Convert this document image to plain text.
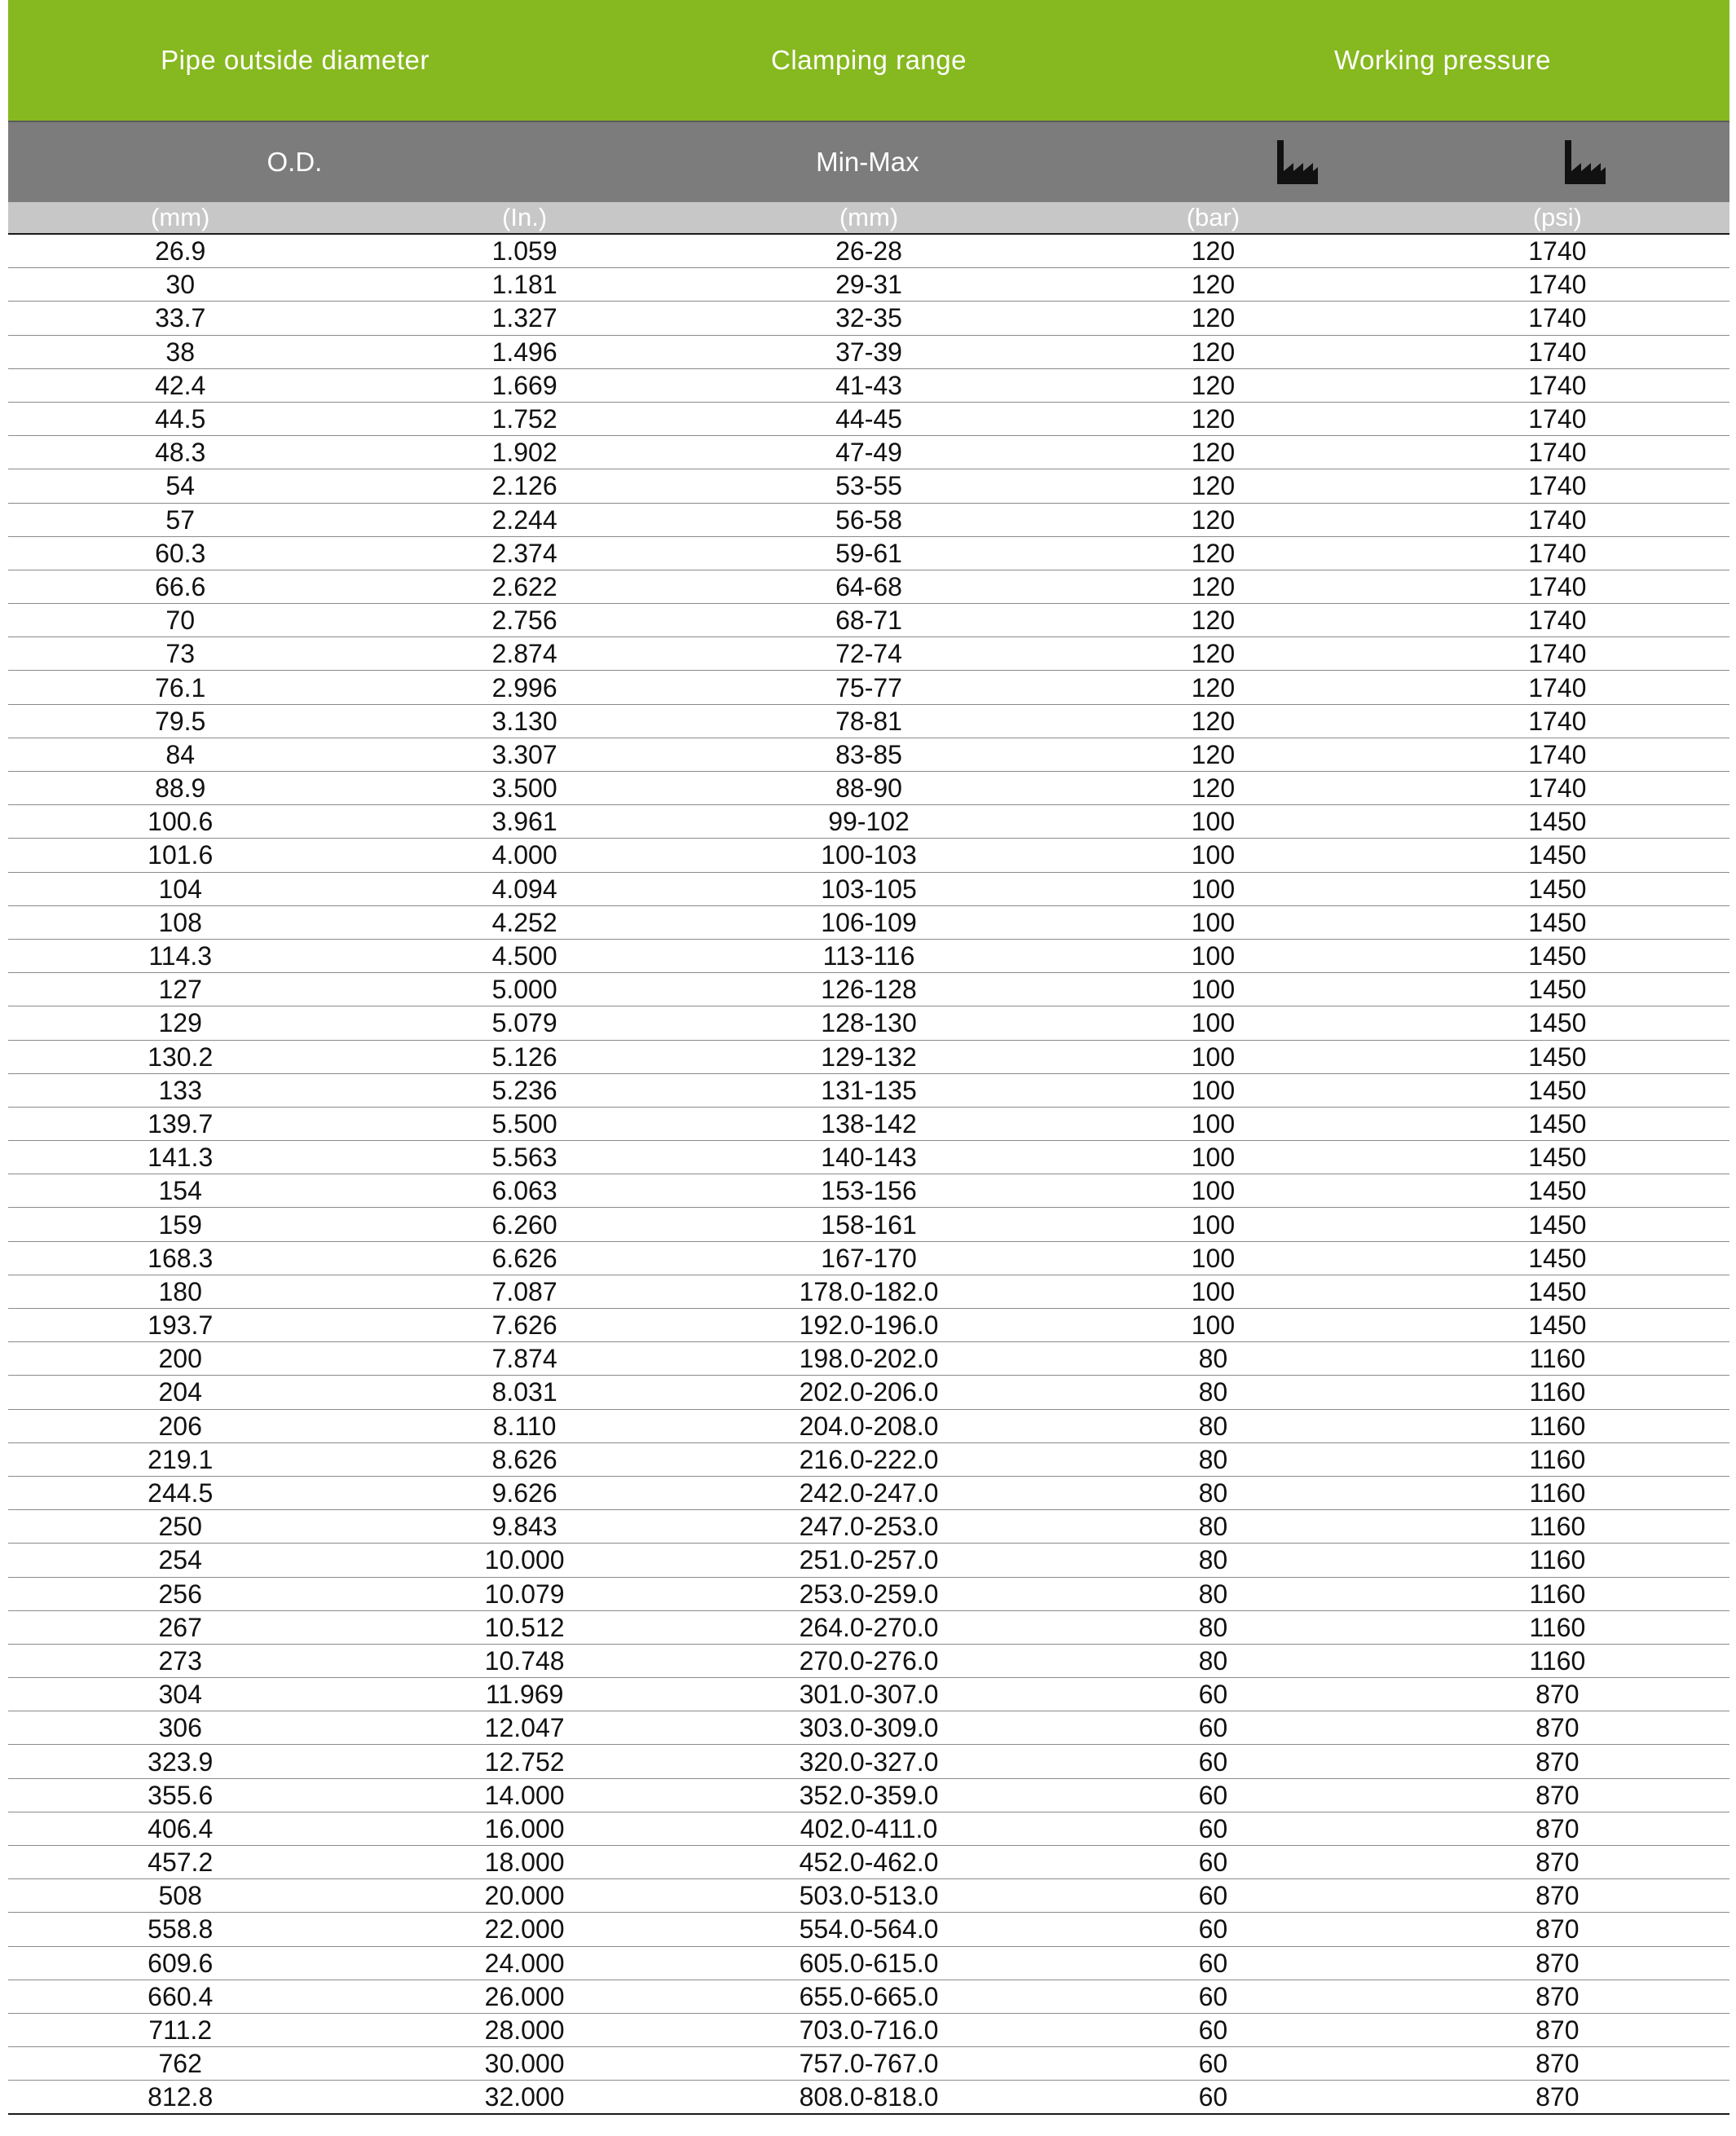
Pipe outside diameter	Clamping range	Working pressure
O.D.	Min-Max
(mm)	(In.)	(mm)	(bar)	(psi)
26.9	1.059	26-28	120	1740
30	1.181	29-31	120	1740
33.7	1.327	32-35	120	1740
38	1.496	37-39	120	1740
42.4	1.669	41-43	120	1740
44.5	1.752	44-45	120	1740
48.3	1.902	47-49	120	1740
54	2.126	53-55	120	1740
57	2.244	56-58	120	1740
60.3	2.374	59-61	120	1740
66.6	2.622	64-68	120	1740
70	2.756	68-71	120	1740
73	2.874	72-74	120	1740
76.1	2.996	75-77	120	1740
79.5	3.130	78-81	120	1740
84	3.307	83-85	120	1740
88.9	3.500	88-90	120	1740
100.6	3.961	99-102	100	1450
101.6	4.000	100-103	100	1450
104	4.094	103-105	100	1450
108	4.252	106-109	100	1450
114.3	4.500	113-116	100	1450
127	5.000	126-128	100	1450
129	5.079	128-130	100	1450
130.2	5.126	129-132	100	1450
133	5.236	131-135	100	1450
139.7	5.500	138-142	100	1450
141.3	5.563	140-143	100	1450
154	6.063	153-156	100	1450
159	6.260	158-161	100	1450
168.3	6.626	167-170	100	1450
180	7.087	178.0-182.0	100	1450
193.7	7.626	192.0-196.0	100	1450
200	7.874	198.0-202.0	80	1160
204	8.031	202.0-206.0	80	1160
206	8.110	204.0-208.0	80	1160
219.1	8.626	216.0-222.0	80	1160
244.5	9.626	242.0-247.0	80	1160
250	9.843	247.0-253.0	80	1160
254	10.000	251.0-257.0	80	1160
256	10.079	253.0-259.0	80	1160
267	10.512	264.0-270.0	80	1160
273	10.748	270.0-276.0	80	1160
304	11.969	301.0-307.0	60	870
306	12.047	303.0-309.0	60	870
323.9	12.752	320.0-327.0	60	870
355.6	14.000	352.0-359.0	60	870
406.4	16.000	402.0-411.0	60	870
457.2	18.000	452.0-462.0	60	870
508	20.000	503.0-513.0	60	870
558.8	22.000	554.0-564.0	60	870
609.6	24.000	605.0-615.0	60	870
660.4	26.000	655.0-665.0	60	870
711.2	28.000	703.0-716.0	60	870
762	30.000	757.0-767.0	60	870
812.8	32.000	808.0-818.0	60	870
